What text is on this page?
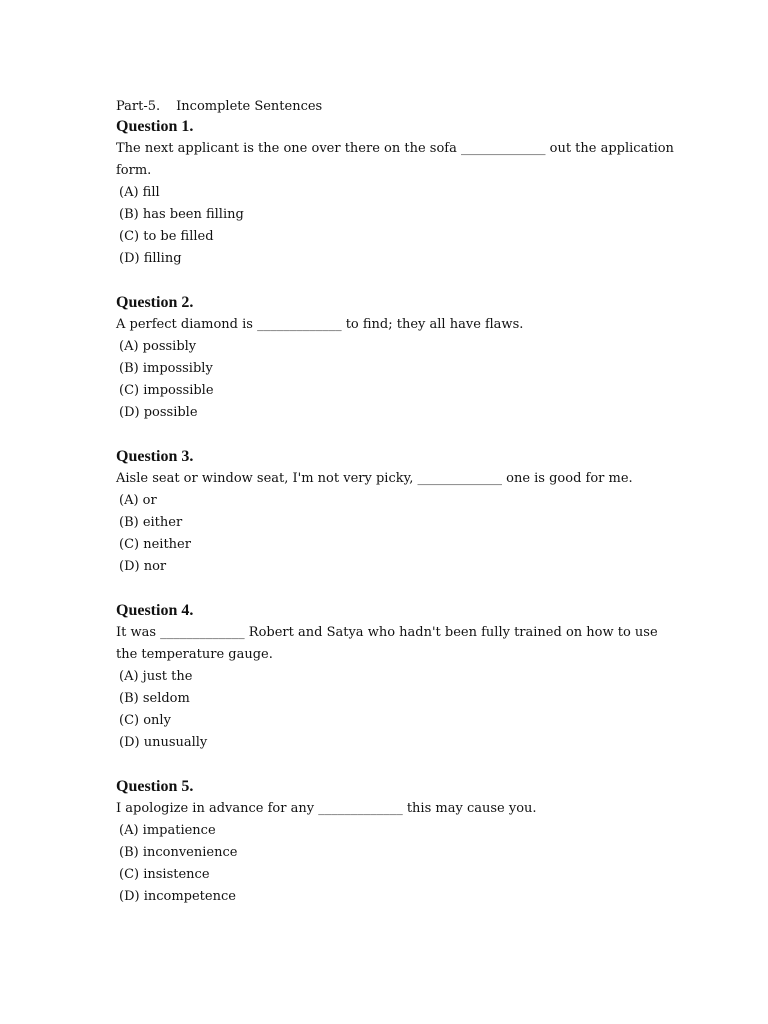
Part-5. Incomplete Sentences
Question 1.
The next applicant is the one over there on the sofa _____________ out the application form.
(A) fill
(B) has been filling
(C) to be filled
(D) filling
Question 2.
A perfect diamond is _____________ to find; they all have flaws.
(A) possibly
(B) impossibly
(C) impossible
(D) possible
Question 3.
Aisle seat or window seat, I'm not very picky, _____________ one is good for me.
(A) or
(B) either
(C) neither
(D) nor
Question 4.
It was _____________ Robert and Satya who hadn't been fully trained on how to use the temperature gauge.
(A) just the
(B) seldom
(C) only
(D) unusually
Question 5.
I apologize in advance for any _____________ this may cause you.
(A) impatience
(B) inconvenience
(C) insistence
(D) incompetence
